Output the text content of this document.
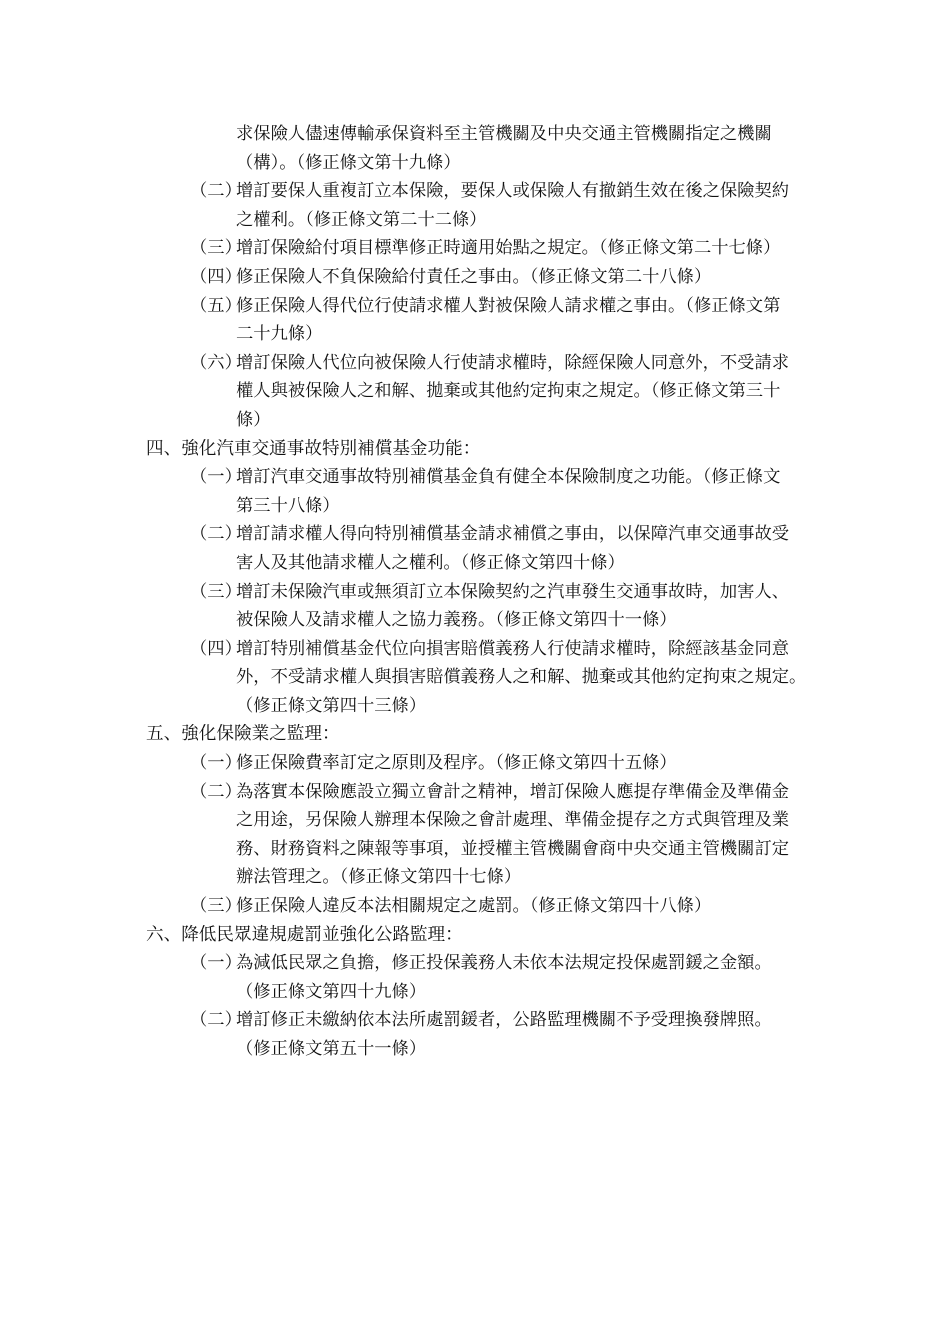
求保險人儘速傳輸承保資料至主管機關及中央交通主管機關指定之機關
（構）。（修正條文第十九條）
（二）
增訂要保人重複訂立本保險，要保人或保險人有撤銷生效在後之保險契約
之權利。（修正條文第二十二條）
（三）
增訂保險給付項目標準修正時適用始點之規定。（修正條文第二十七條）
（四）
修正保險人不負保險給付責任之事由。（修正條文第二十八條）
（五）
修正保險人得代位行使請求權人對被保險人請求權之事由。（修正條文第
二十九條）
（六）
增訂保險人代位向被保險人行使請求權時，除經保險人同意外，不受請求
權人與被保險人之和解、拋棄或其他約定拘束之規定。（修正條文第三十
條）
四、強化汽車交通事故特別補償基金功能：
（一）
增訂汽車交通事故特別補償基金負有健全本保險制度之功能。（修正條文
第三十八條）
（二）
增訂請求權人得向特別補償基金請求補償之事由，以保障汽車交通事故受
害人及其他請求權人之權利。（修正條文第四十條）
（三）
增訂未保險汽車或無須訂立本保險契約之汽車發生交通事故時，加害人、
被保險人及請求權人之協力義務。（修正條文第四十一條）
（四）
增訂特別補償基金代位向損害賠償義務人行使請求權時，除經該基金同意
外，不受請求權人與損害賠償義務人之和解、拋棄或其他約定拘束之規定。
（修正條文第四十三條）
五、強化保險業之監理：
（一）
修正保險費率訂定之原則及程序。（修正條文第四十五條）
（二）
為落實本保險應設立獨立會計之精神，增訂保險人應提存準備金及準備金
之用途，另保險人辦理本保險之會計處理、準備金提存之方式與管理及業
務、財務資料之陳報等事項，並授權主管機關會商中央交通主管機關訂定
辦法管理之。（修正條文第四十七條）
（三）
修正保險人違反本法相關規定之處罰。（修正條文第四十八條）
六、降低民眾違規處罰並強化公路監理：
（一）
為減低民眾之負擔，修正投保義務人未依本法規定投保處罰鍰之金額。
（修正條文第四十九條）
（二）
增訂修正未繳納依本法所處罰鍰者，公路監理機關不予受理換發牌照。
（修正條文第五十一條）
